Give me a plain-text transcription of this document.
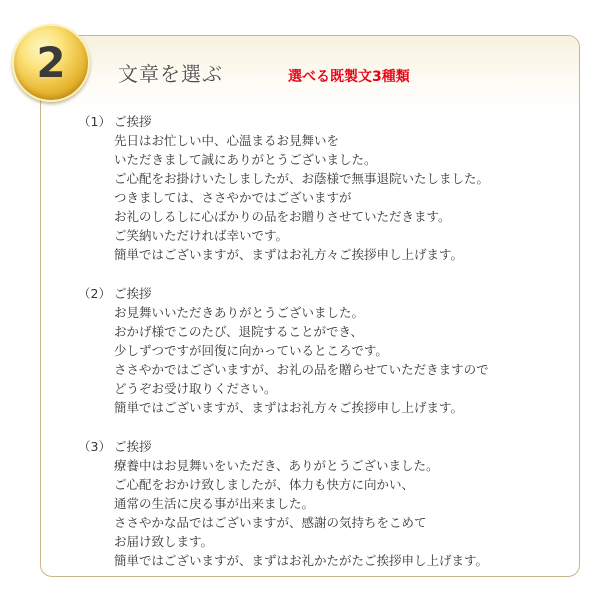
2	文章を選ぶ	選べる既製文3種類
（1） ご挨拶
先日はお忙しい中、心温まるお見舞いを
いただきまして誠にありがとうございました。
ご心配をお掛けいたしましたが、お蔭様で無事退院いたしました。
つきましては、ささやかではございますが
お礼のしるしに心ばかりの品をお贈りさせていただきます。
ご笑納いただければ幸いです。
簡単ではございますが、まずはお礼方々ご挨拶申し上げます。
（2） ご挨拶
お見舞いいただきありがとうございました。
おかげ様でこのたび、退院することができ、
少しずつですが回復に向かっているところです。
ささやかではございますが、お礼の品を贈らせていただきますので
どうぞお受け取りください。
簡単ではございますが、まずはお礼方々ご挨拶申し上げます。
（3） ご挨拶
療養中はお見舞いをいただき、ありがとうございました。
ご心配をおかけ致しましたが、体力も快方に向かい、
通常の生活に戻る事が出来ました。
ささやかな品ではございますが、感謝の気持ちをこめて
お届け致します。
簡単ではございますが、まずはお礼かたがたご挨拶申し上げます。
